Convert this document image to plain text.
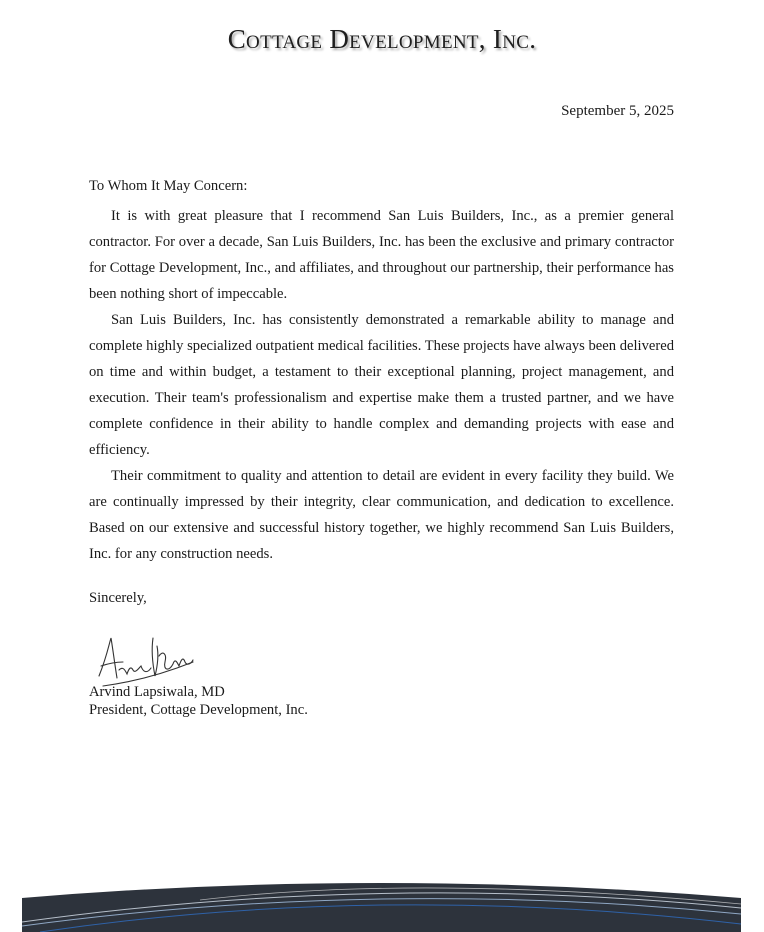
Cottage Development, Inc.
September 5, 2025

To Whom It May Concern:

It is with great pleasure that I recommend San Luis Builders, Inc., as a premier general contractor. For over a decade, San Luis Builders, Inc. has been the exclusive and primary contractor for Cottage Development, Inc., and affiliates, and throughout our partnership, their performance has been nothing short of impeccable.

San Luis Builders, Inc. has consistently demonstrated a remarkable ability to manage and complete highly specialized outpatient medical facilities. These projects have always been delivered on time and within budget, a testament to their exceptional planning, project management, and execution. Their team's professionalism and expertise make them a trusted partner, and we have complete confidence in their ability to handle complex and demanding projects with ease and efficiency.

Their commitment to quality and attention to detail are evident in every facility they build. We are continually impressed by their integrity, clear communication, and dedication to excellence. Based on our extensive and successful history together, we highly recommend San Luis Builders, Inc. for any construction needs.

Sincerely,

Arvind Lapsiwala, MD
President, Cottage Development, Inc.
